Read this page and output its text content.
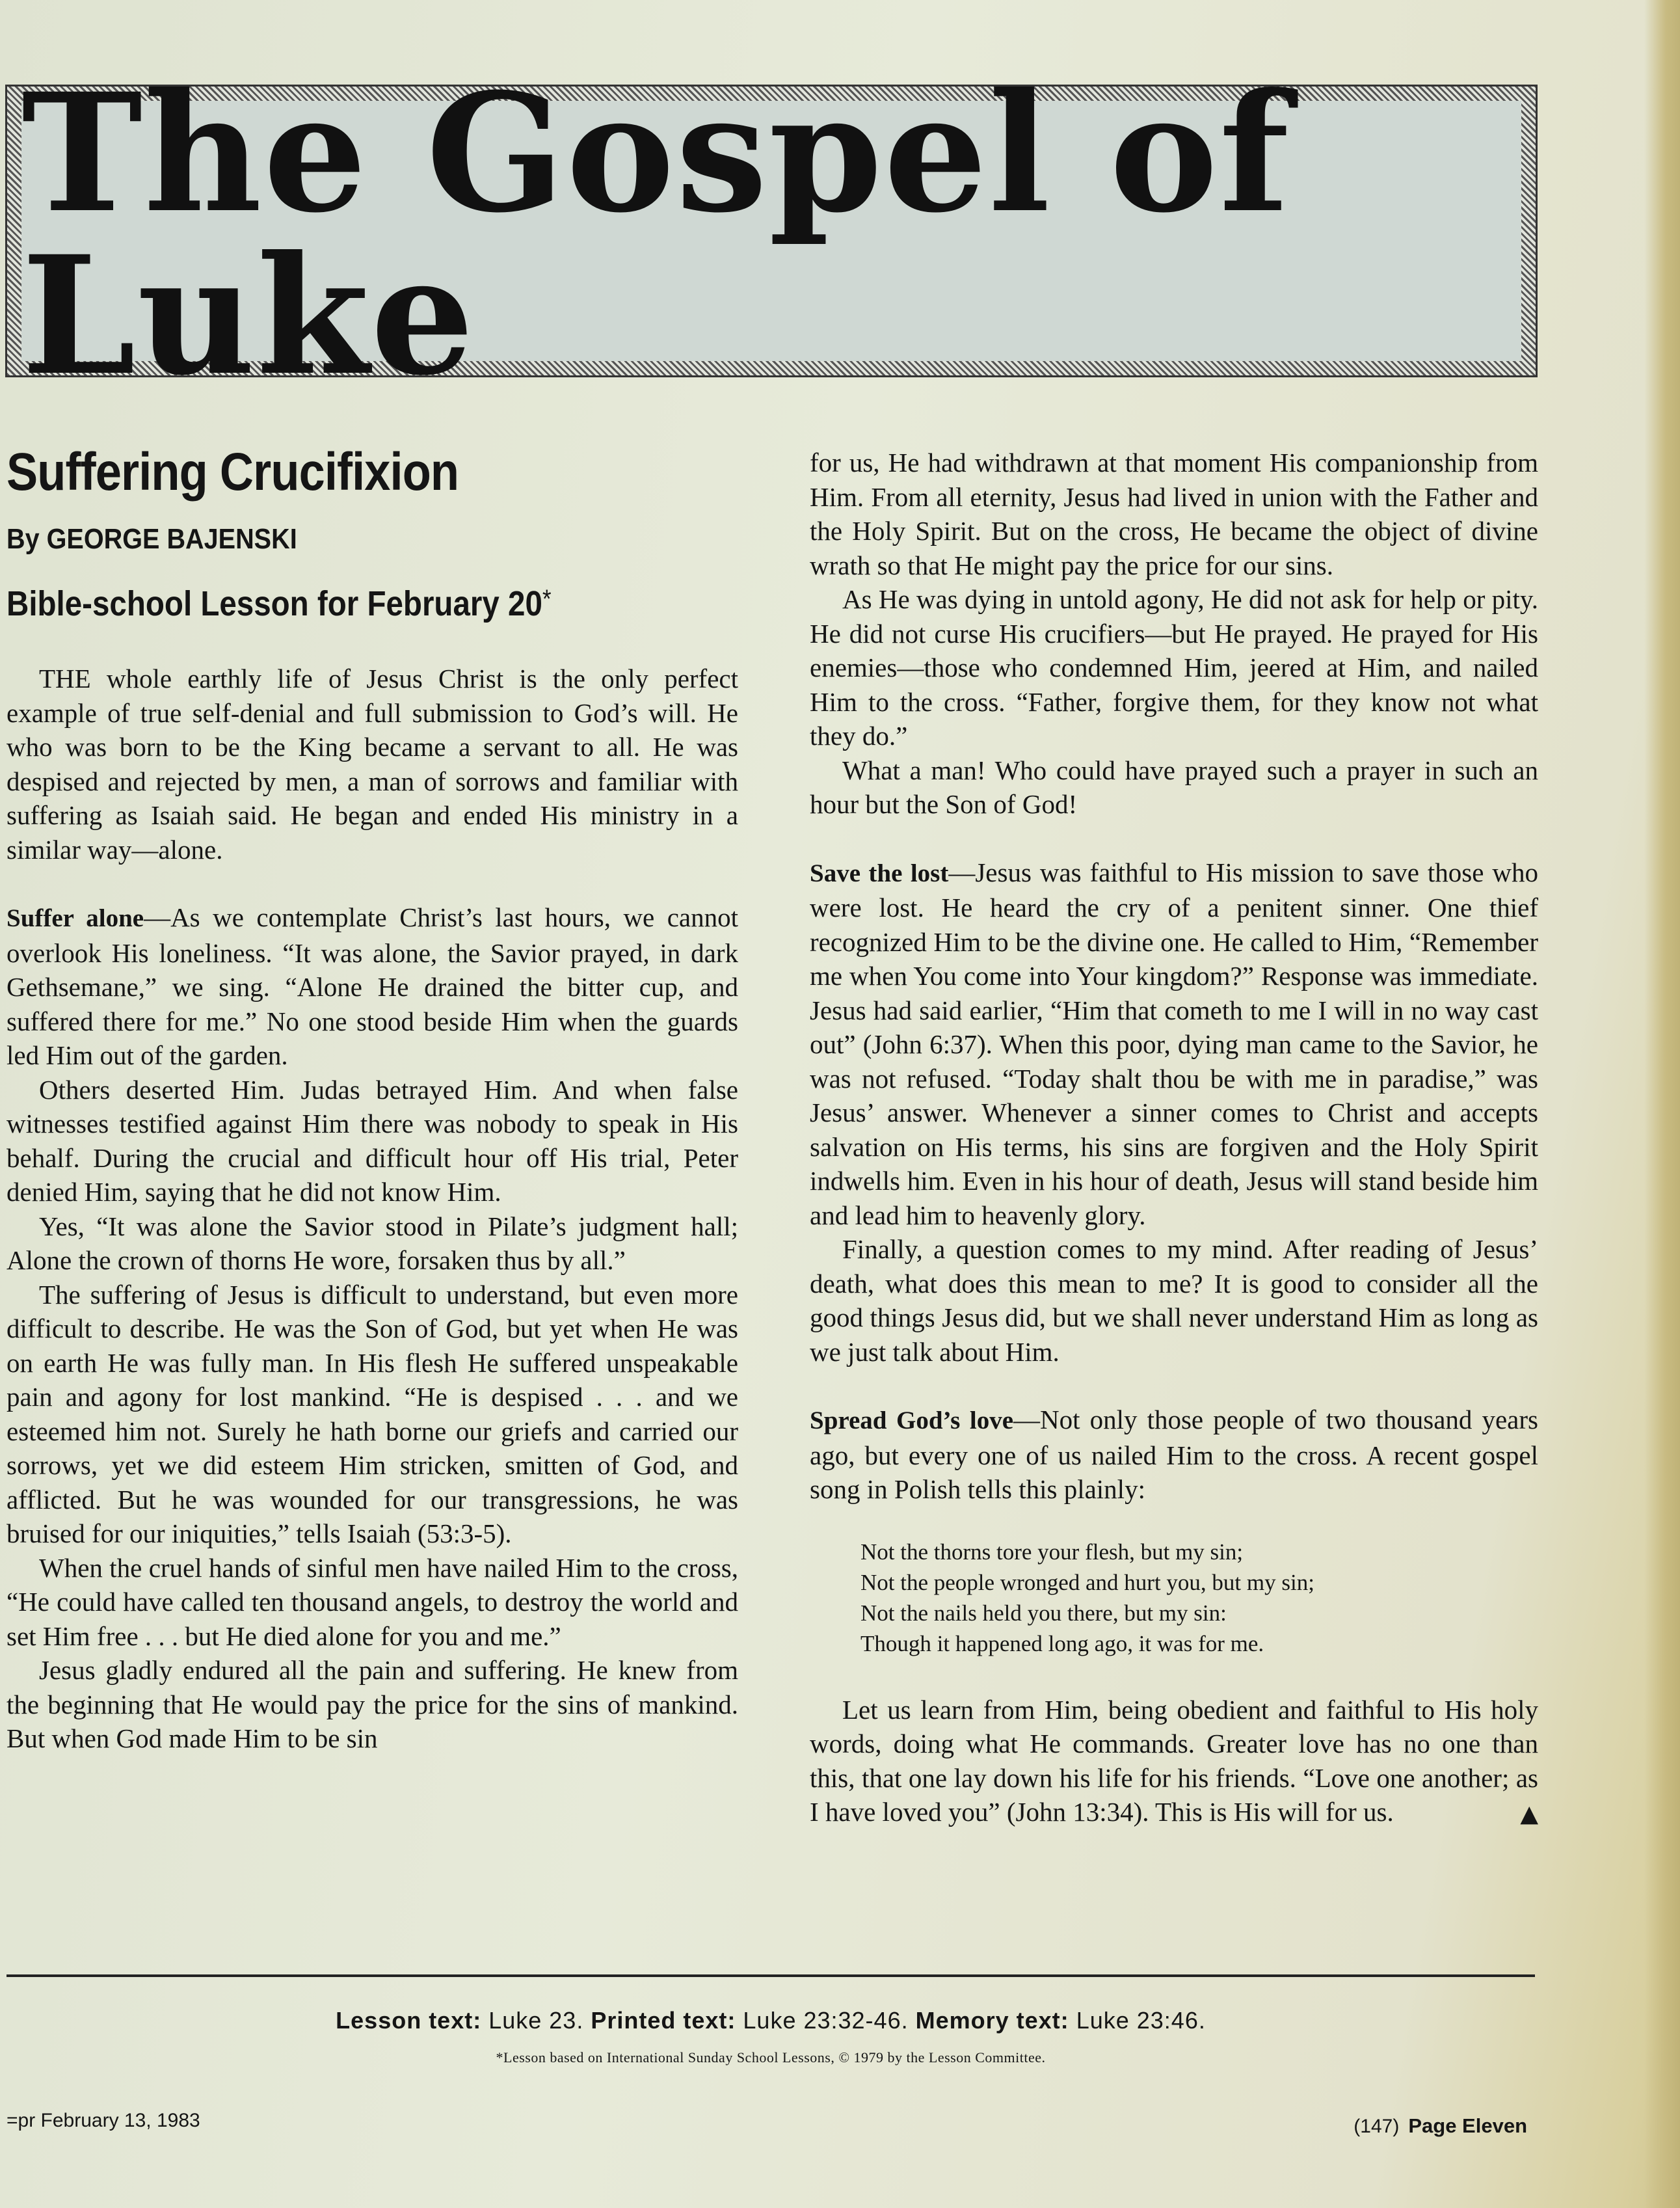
The Gospel of Luke
Suffering Crucifixion
By GEORGE BAJENSKI
Bible-school Lesson for February 20*

THE whole earthly life of Jesus Christ is the only perfect example of true self-denial and full submission to God’s will. He who was born to be the King became a servant to all. He was despised and rejected by men, a man of sorrows and familiar with suffering as Isaiah said. He began and ended His ministry in a similar way—alone.

Suffer alone—As we contemplate Christ’s last hours, we cannot overlook His loneliness. “It was alone, the Savior prayed, in dark Gethsemane,” we sing. “Alone He drained the bitter cup, and suffered there for me.” No one stood beside Him when the guards led Him out of the garden.

Others deserted Him. Judas betrayed Him. And when false witnesses testified against Him there was nobody to speak in His behalf. During the crucial and difficult hour off His trial, Peter denied Him, saying that he did not know Him.

Yes, “It was alone the Savior stood in Pilate’s judgment hall; Alone the crown of thorns He wore, forsaken thus by all.”

The suffering of Jesus is difficult to understand, but even more difficult to describe. He was the Son of God, but yet when He was on earth He was fully man. In His flesh He suffered unspeakable pain and agony for lost mankind. “He is despised . . . and we esteemed him not. Surely he hath borne our griefs and carried our sorrows, yet we did esteem Him stricken, smitten of God, and afflicted. But he was wounded for our transgressions, he was bruised for our iniquities,” tells Isaiah (53:3-5).

When the cruel hands of sinful men have nailed Him to the cross, “He could have called ten thousand angels, to destroy the world and set Him free . . . but He died alone for you and me.”

Jesus gladly endured all the pain and suffering. He knew from the beginning that He would pay the price for the sins of mankind. But when God made Him to be sin

for us, He had withdrawn at that moment His companionship from Him. From all eternity, Jesus had lived in union with the Father and the Holy Spirit. But on the cross, He became the object of divine wrath so that He might pay the price for our sins.

As He was dying in untold agony, He did not ask for help or pity. He did not curse His crucifiers—but He prayed. He prayed for His enemies—those who condemned Him, jeered at Him, and nailed Him to the cross. “Father, forgive them, for they know not what they do.”

What a man! Who could have prayed such a prayer in such an hour but the Son of God!

Save the lost—Jesus was faithful to His mission to save those who were lost. He heard the cry of a penitent sinner. One thief recognized Him to be the divine one. He called to Him, “Remember me when You come into Your kingdom?” Response was immediate. Jesus had said earlier, “Him that cometh to me I will in no way cast out” (John 6:37). When this poor, dying man came to the Savior, he was not refused. “Today shalt thou be with me in paradise,” was Jesus’ answer. Whenever a sinner comes to Christ and accepts salvation on His terms, his sins are forgiven and the Holy Spirit indwells him. Even in his hour of death, Jesus will stand beside him and lead him to heavenly glory.

Finally, a question comes to my mind. After reading of Jesus’ death, what does this mean to me? It is good to consider all the good things Jesus did, but we shall never understand Him as long as we just talk about Him.

Spread God’s love—Not only those people of two thousand years ago, but every one of us nailed Him to the cross. A recent gospel song in Polish tells this plainly:

Not the thorns tore your flesh, but my sin;
Not the people wronged and hurt you, but my sin;
Not the nails held you there, but my sin:
Though it happened long ago, it was for me.

Let us learn from Him, being obedient and faithful to His holy words, doing what He commands. Greater love has no one than this, that one lay down his life for his friends. “Love one another; as I have loved you” (John 13:34). This is His will for us.	▲

Lesson text: Luke 23. Printed text: Luke 23:32-46. Memory text: Luke 23:46.
*Lesson based on International Sunday School Lessons, © 1979 by the Lesson Committee.
=pr February 13, 1983	(147) Page Eleven
